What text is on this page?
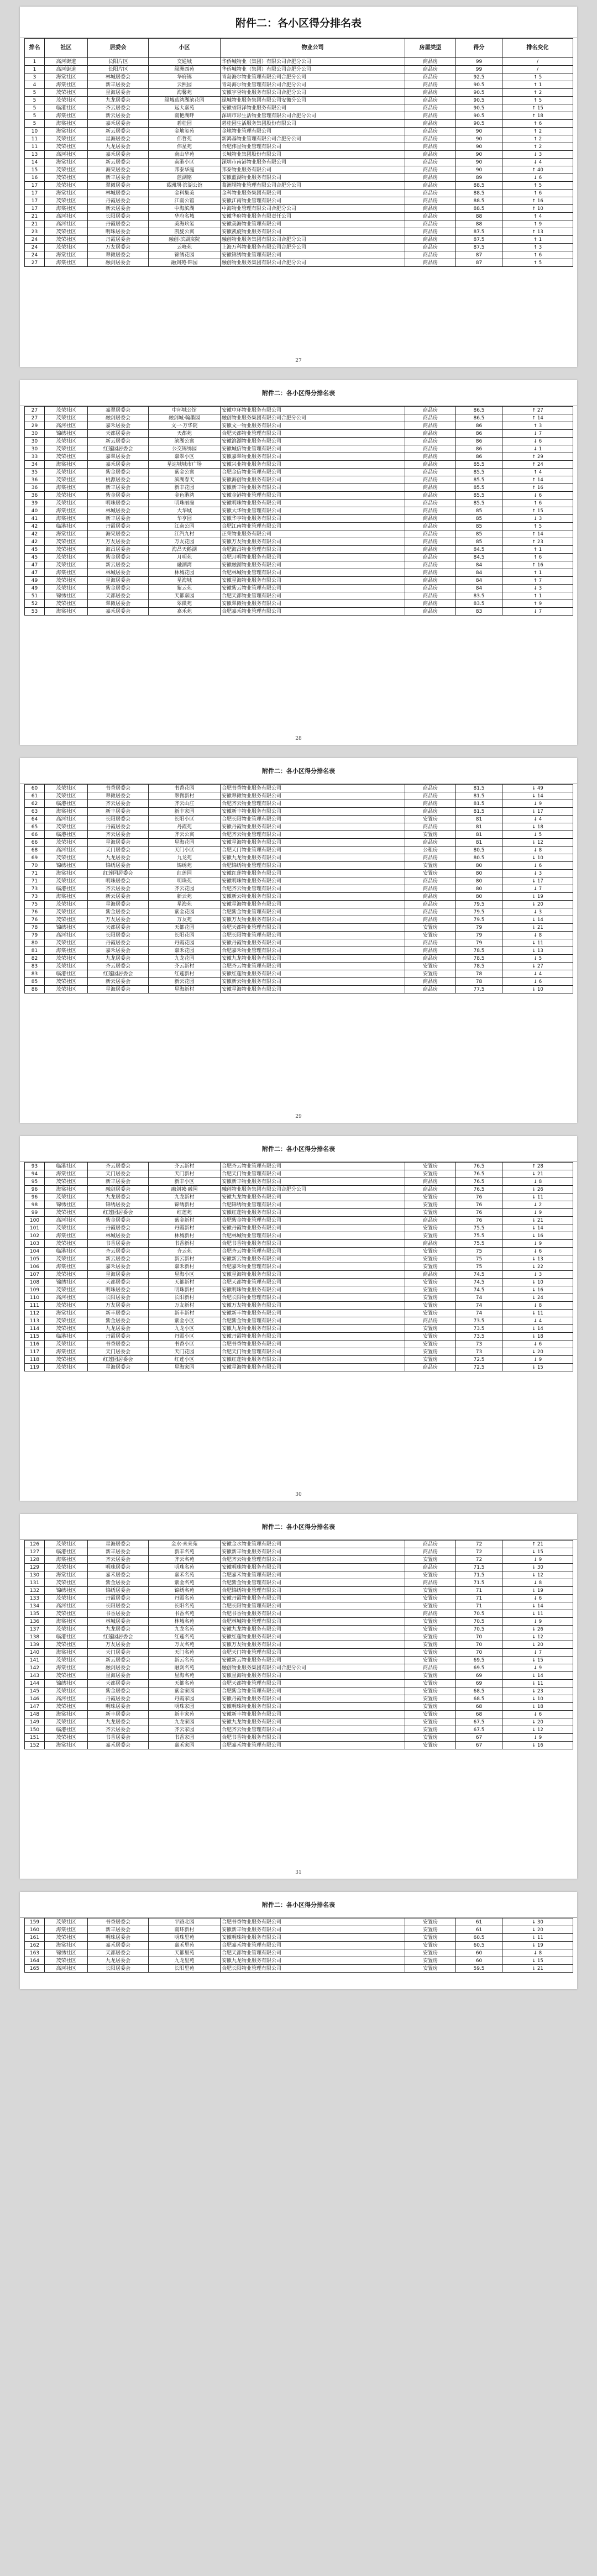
附件二：各小区得分排名表
排名	社区	居委会	小区	物业公司	房屋类型	得分	排名变化
1	高河街道	长阳片区	交通城	华侨城物业（集团）有限公司合肥分公司	商品房	99	/
1	高河街道	长阳片区	绿洲西苑	华侨城物业（集团）有限公司合肥分公司	商品房	99	/
3	海棠社区	林城居委会	华府锦	青岛海尔物业管理有限公司合肥分公司	商品房	92.5	↑ 5
4	海棠社区	新丰居委会	云熙园	青岛海尔物业管理有限公司合肥分公司	商品房	90.5	↑ 1
5	茂荣社区	星海居委会	海馨苑	安徽宇誉物业服务有限公司合肥分公司	商品房	90.5	↑ 2
5	茂荣社区	九龙居委会	绿城蓝湾湖滨花园	绿城物业服务集团有限公司安徽分公司	商品房	90.5	↑ 5
5	临港社区	齐云居委会	远大嘉苑	安徽省阳泽物业服务有限公司	商品房	90.5	↑ 15
5	海棠社区	新云居委会	南艳湖畔	深圳市彩生活物业管理有限公司合肥分公司	商品房	90.5	↑ 18
5	海棠社区	嘉禾居委会	碧桂园	碧桂园生活服务集团股份有限公司	商品房	90.5	↑ 6
10	海棠社区	新云居委会	金地玺苑	金地物业管理有限公司	商品房	90	↑ 2
11	茂荣社区	星海居委会	伟哲苑	新鸿基物业管理有限公司合肥分公司	商品房	90	↑ 2
11	茂荣社区	九龙居委会	伟星苑	合肥伟星物业管理有限公司	商品房	90	↑ 2
13	高河社区	嘉禾居委会	南山华苑	长城物业集团股份有限公司	商品房	90	↓ 3
14	海棠社区	新云居委会	南港小区	深圳市南港物业服务有限公司	商品房	90	↓ 4
15	茂荣社区	海棠居委会	邦泰华庭	邦泰物业服务有限公司	商品房	90	↑ 40
16	茂荣社区	新丰居委会	蓝湖铭	安徽蓝湖物业服务有限公司	商品房	89	↓ 6
17	茂荣社区	翠微居委会	葛洲坝·滨湖公馆	葛洲坝物业管理有限公司合肥分公司	商品房	88.5	↑ 5
17	海棠社区	林城居委会	金科集美	金科物业服务集团有限公司	商品房	88.5	↑ 6
17	茂荣社区	丹霞居委会	江南公馆	安徽江南物业管理有限公司	商品房	88.5	↑ 16
17	海棠社区	新云居委会	中海滨湖	中海物业管理有限公司合肥分公司	商品房	88.5	↑ 10
21	高河社区	长阳居委会	华府名城	安徽华府物业服务有限责任公司	商品房	88	↑ 4
21	高河社区	丹霞居委会	美海玖玺	安徽美海物业管理有限公司	商品房	88	↑ 9
23	茂荣社区	明珠居委会	凯旋公寓	安徽凯旋物业服务有限公司	商品房	87.5	↑ 13
24	茂荣社区	丹霞居委会	融创·滨湖宸院	融创物业服务集团有限公司合肥分公司	商品房	87.5	↑ 1
24	茂荣社区	万友居委会	云峰苑	上海万科物业服务有限公司合肥分公司	商品房	87.5	↑ 3
24	海棠社区	翠微居委会	锦绣花园	安徽锦绣物业管理有限公司	商品房	87	↑ 6
27	海棠社区	融剑居委会	融剑苑·锦园	融创物业服务集团有限公司合肥分公司	商品房	87	↑ 5
27
附件二：各小区得分排名表
27	茂荣社区	嘉翠居委会	中环城公馆	安徽中环物业服务有限公司	商品房	86.5	↑ 27
27	茂荣社区	融剑居委会	融剑城·翰墨园	融创物业服务集团有限公司合肥分公司	商品房	86.5	↑ 14
29	高河社区	嘉禾居委会	文一·万华院	安徽文一物业服务有限公司	商品房	86	↑ 3
30	锦绣社区	天都居委会	天都苑	合肥天都物业管理有限公司	商品房	86	↓ 7
30	茂荣社区	新云居委会	滨湖公寓	安徽滨湖物业服务有限公司	商品房	86	↓ 6
30	茂荣社区	红莲园居委会	公交锦绣园	安徽城信物业管理有限公司	商品房	86	↓ 1
33	茂荣社区	嘉翠居委会	嘉翠小区	安徽嘉翠物业服务有限公司	商品房	86	↑ 29
34	海棠社区	嘉禾居委会	星达城城市广场	安徽兴业物业服务有限公司	商品房	85.5	↑ 24
35	茂荣社区	紫金居委会	紫金公寓	合肥金信物业管理有限公司	商品房	85.5	↑ 4
36	茂荣社区	桃源居委会	滨湖春天	安徽海创物业服务有限公司	商品房	85.5	↑ 14
36	海棠社区	新丰居委会	新丰花园	安徽新丰物业服务有限公司	商品房	85.5	↑ 16
36	茂荣社区	紫金居委会	金色港湾	安徽金港物业管理有限公司	商品房	85.5	↓ 6
39	茂荣社区	明珠居委会	明珠丽庭	安徽明珠物业服务有限公司	商品房	85.5	↑ 6
40	海棠社区	林城居委会	大华城	安徽大华物业管理有限公司	商品房	85	↑ 15
41	海棠社区	新丰居委会	华亨园	安徽华亨物业服务有限公司	商品房	85	↓ 3
42	临港社区	丹霞居委会	江南公园	合肥江南物业管理有限公司	商品房	85	↑ 5
42	海棠社区	海棠居委会	江汽九村	正荣物业服务有限公司	商品房	85	↑ 14
42	茂荣社区	万友居委会	万友花园	安徽万友物业服务有限公司	商品房	85	↑ 23
45	茂荣社区	海昌居委会	海昌天鹅湖	合肥海昌物业管理有限公司	商品房	84.5	↑ 1
45	茂荣社区	紫金居委会	月明苑	合肥月明物业服务有限公司	商品房	84.5	↑ 6
47	茂荣社区	新云居委会	融湖湾	安徽融湖物业服务有限公司	商品房	84	↑ 16
47	海棠社区	林城居委会	林城花园	合肥林城物业管理有限公司	商品房	84	↑ 1
49	茂荣社区	星海居委会	星海城	安徽星海物业服务有限公司	商品房	84	↑ 7
49	茂荣社区	紫金居委会	紫云苑	安徽紫云物业管理有限公司	商品房	84	↓ 3
51	锦绣社区	天都居委会	天都嘉园	合肥天都物业管理有限公司	商品房	83.5	↑ 1
52	茂荣社区	翠微居委会	翠微苑	安徽翠微物业服务有限公司	商品房	83.5	↑ 9
53	海棠社区	嘉禾居委会	嘉禾苑	合肥嘉禾物业管理有限公司	商品房	83	↓ 7
28
附件二：各小区得分排名表
60	茂荣社区	书香居委会	书香花园	合肥书香物业服务有限公司	商品房	81.5	↓ 49
61	茂荣社区	翠微居委会	翠微新村	安徽翠微物业服务有限公司	商品房	81.5	↓ 14
62	临港社区	齐云居委会	齐云山庄	合肥齐云物业管理有限公司	商品房	81.5	↓ 9
63	海棠社区	新丰居委会	新丰家园	安徽新丰物业服务有限公司	商品房	81.5	↓ 17
64	高河社区	长阳居委会	长阳小区	合肥长阳物业管理有限公司	安置房	81	↓ 4
65	茂荣社区	丹霞居委会	丹霞苑	安徽丹霞物业服务有限公司	商品房	81	↓ 18
66	临港社区	齐云居委会	齐云公寓	合肥齐云物业管理有限公司	安置房	81	↓ 5
66	茂荣社区	星海居委会	星海花园	安徽星海物业服务有限公司	商品房	81	↓ 12
68	高河社区	天门居委会	天门小区	合肥天门物业管理有限公司	公租房	80.5	↓ 8
69	茂荣社区	九龙居委会	九龙苑	安徽九龙物业服务有限公司	商品房	80.5	↓ 10
70	锦绣社区	锦绣居委会	锦绣苑	合肥锦绣物业管理有限公司	安置房	80	↓ 6
71	海棠社区	红莲园居委会	红莲园	安徽红莲物业服务有限公司	安置房	80	↓ 3
71	茂荣社区	明珠居委会	明珠苑	安徽明珠物业服务有限公司	商品房	80	↓ 17
73	临港社区	齐云居委会	齐云花园	合肥齐云物业管理有限公司	商品房	80	↓ 7
73	海棠社区	新云居委会	新云苑	安徽新云物业服务有限公司	商品房	80	↓ 19
75	茂荣社区	星海居委会	星海苑	安徽星海物业服务有限公司	商品房	79.5	↓ 20
76	茂荣社区	紫金居委会	紫金花园	合肥紫金物业管理有限公司	商品房	79.5	↓ 3
76	茂荣社区	万友居委会	万友苑	安徽万友物业服务有限公司	商品房	79.5	↓ 14
78	锦绣社区	天都居委会	天都花园	合肥天都物业管理有限公司	安置房	79	↓ 21
79	高河社区	长阳居委会	长阳花园	合肥长阳物业管理有限公司	安置房	79	↓ 8
80	茂荣社区	丹霞居委会	丹霞花园	安徽丹霞物业服务有限公司	商品房	79	↓ 11
81	海棠社区	嘉禾居委会	嘉禾花园	合肥嘉禾物业管理有限公司	商品房	78.5	↓ 13
82	茂荣社区	九龙居委会	九龙花园	安徽九龙物业服务有限公司	商品房	78.5	↓ 5
83	茂荣社区	齐云居委会	齐云新村	合肥齐云物业管理有限公司	安置房	78.5	↓ 27
83	临港社区	红莲园居委会	红莲新村	安徽红莲物业服务有限公司	安置房	78	↓ 4
85	茂荣社区	新云居委会	新云花园	安徽新云物业服务有限公司	商品房	78	↓ 6
86	茂荣社区	星海居委会	星海新村	安徽星海物业服务有限公司	商品房	77.5	↓ 10
29
附件二：各小区得分排名表
93	临港社区	齐云居委会	齐云新村	合肥齐云物业管理有限公司	安置房	76.5	↑ 28
94	海棠社区	天门居委会	天门新村	合肥天门物业管理有限公司	安置房	76.5	↓ 21
95	茂荣社区	新丰居委会	新丰小区	安徽新丰物业服务有限公司	商品房	76.5	↓ 8
96	海棠社区	融剑居委会	融剑城·融园	融创物业服务集团有限公司合肥分公司	商品房	76.5	↓ 26
96	茂荣社区	九龙居委会	九龙新村	安徽九龙物业服务有限公司	安置房	76	↓ 11
98	锦绣社区	锦绣居委会	锦绣新村	合肥锦绣物业管理有限公司	安置房	76	↓ 2
99	茂荣社区	红莲园居委会	红莲苑	安徽红莲物业服务有限公司	安置房	76	↓ 9
100	高河社区	紫金居委会	紫金新村	合肥紫金物业管理有限公司	商品房	76	↓ 21
101	茂荣社区	丹霞居委会	丹霞新村	安徽丹霞物业服务有限公司	安置房	75.5	↓ 14
102	海棠社区	林城居委会	林城新村	合肥林城物业管理有限公司	安置房	75.5	↓ 16
103	茂荣社区	书香居委会	书香新村	合肥书香物业服务有限公司	商品房	75.5	↓ 9
104	临港社区	齐云居委会	齐云苑	合肥齐云物业管理有限公司	安置房	75	↓ 6
105	茂荣社区	新云居委会	新云新村	安徽新云物业服务有限公司	安置房	75	↓ 13
106	海棠社区	嘉禾居委会	嘉禾新村	合肥嘉禾物业管理有限公司	安置房	75	↓ 22
107	茂荣社区	星海居委会	星海小区	安徽星海物业服务有限公司	商品房	74.5	↓ 3
108	锦绣社区	天都居委会	天都新村	合肥天都物业管理有限公司	安置房	74.5	↓ 10
109	茂荣社区	明珠居委会	明珠新村	安徽明珠物业服务有限公司	安置房	74.5	↓ 16
110	高河社区	长阳居委会	长阳新村	合肥长阳物业管理有限公司	安置房	74	↓ 24
111	茂荣社区	万友居委会	万友新村	安徽万友物业服务有限公司	安置房	74	↓ 8
112	海棠社区	新丰居委会	新丰新村	安徽新丰物业服务有限公司	安置房	74	↓ 11
113	茂荣社区	紫金居委会	紫金小区	合肥紫金物业管理有限公司	商品房	73.5	↓ 4
114	茂荣社区	九龙居委会	九龙小区	安徽九龙物业服务有限公司	安置房	73.5	↓ 14
115	临港社区	丹霞居委会	丹霞小区	安徽丹霞物业服务有限公司	安置房	73.5	↓ 18
116	茂荣社区	书香居委会	书香小区	合肥书香物业服务有限公司	安置房	73	↓ 6
117	海棠社区	天门居委会	天门花园	合肥天门物业管理有限公司	安置房	73	↓ 20
118	茂荣社区	红莲园居委会	红莲小区	安徽红莲物业服务有限公司	安置房	72.5	↓ 9
119	茂荣社区	星海居委会	星海家园	安徽星海物业服务有限公司	商品房	72.5	↓ 15
30
附件二：各小区得分排名表
126	茂荣社区	星海居委会	金水·未来苑	安徽金水物业管理有限公司	商品房	72	↑ 21
127	临港社区	新丰居委会	新丰名苑	安徽新丰物业服务有限公司	商品房	72	↓ 15
128	海棠社区	齐云居委会	齐云名苑	合肥齐云物业管理有限公司	安置房	72	↓ 9
129	茂荣社区	明珠居委会	明珠名苑	安徽明珠物业服务有限公司	商品房	71.5	↓ 30
130	海棠社区	嘉禾居委会	嘉禾名苑	合肥嘉禾物业管理有限公司	安置房	71.5	↓ 12
131	茂荣社区	紫金居委会	紫金名苑	合肥紫金物业管理有限公司	商品房	71.5	↓ 8
132	锦绣社区	锦绣居委会	锦绣名苑	合肥锦绣物业管理有限公司	安置房	71	↓ 19
133	茂荣社区	丹霞居委会	丹霞名苑	安徽丹霞物业服务有限公司	安置房	71	↓ 6
134	高河社区	长阳居委会	长阳名苑	合肥长阳物业管理有限公司	安置房	71	↓ 14
135	茂荣社区	书香居委会	书香名苑	合肥书香物业服务有限公司	商品房	70.5	↓ 11
136	海棠社区	林城居委会	林城名苑	合肥林城物业管理有限公司	安置房	70.5	↓ 9
137	茂荣社区	九龙居委会	九龙名苑	安徽九龙物业服务有限公司	安置房	70.5	↓ 26
138	临港社区	红莲园居委会	红莲名苑	安徽红莲物业服务有限公司	安置房	70	↓ 12
139	茂荣社区	万友居委会	万友名苑	安徽万友物业服务有限公司	安置房	70	↓ 20
140	海棠社区	天门居委会	天门名苑	合肥天门物业管理有限公司	安置房	70	↓ 7
141	茂荣社区	新云居委会	新云名苑	安徽新云物业服务有限公司	安置房	69.5	↓ 15
142	海棠社区	融剑居委会	融剑名苑	融创物业服务集团有限公司合肥分公司	商品房	69.5	↓ 9
143	茂荣社区	星海居委会	星海名苑	安徽星海物业服务有限公司	安置房	69	↓ 14
144	锦绣社区	天都居委会	天都名苑	合肥天都物业管理有限公司	安置房	69	↓ 11
145	茂荣社区	紫金居委会	紫金家园	合肥紫金物业管理有限公司	安置房	68.5	↓ 23
146	高河社区	丹霞居委会	丹霞家园	安徽丹霞物业服务有限公司	安置房	68.5	↓ 10
147	茂荣社区	明珠居委会	明珠家园	安徽明珠物业服务有限公司	安置房	68	↓ 18
148	海棠社区	新丰居委会	新丰家苑	安徽新丰物业服务有限公司	安置房	68	↓ 6
149	茂荣社区	九龙居委会	九龙家园	安徽九龙物业服务有限公司	安置房	67.5	↓ 20
150	临港社区	齐云居委会	齐云家园	合肥齐云物业管理有限公司	安置房	67.5	↓ 12
151	茂荣社区	书香居委会	书香家园	合肥书香物业服务有限公司	安置房	67	↓ 9
152	海棠社区	嘉禾居委会	嘉禾家园	合肥嘉禾物业管理有限公司	安置房	67	↓ 16
31
附件二：各小区得分排名表
159	茂荣社区	书香居委会	平路北园	合肥书香物业服务有限公司	安置房	61	↓ 30
160	海棠社区	新丰居委会	南环新村	安徽新丰物业服务有限公司	安置房	61	↓ 20
161	茂荣社区	明珠居委会	明珠里苑	安徽明珠物业服务有限公司	安置房	60.5	↓ 11
162	海棠社区	嘉禾居委会	嘉禾里苑	合肥嘉禾物业管理有限公司	安置房	60.5	↓ 19
163	锦绣社区	天都居委会	天都里苑	合肥天都物业管理有限公司	安置房	60	↓ 8
164	茂荣社区	九龙居委会	九龙里苑	安徽九龙物业服务有限公司	安置房	60	↓ 15
165	高河社区	长阳居委会	长阳里苑	合肥长阳物业管理有限公司	安置房	59.5	↓ 21
